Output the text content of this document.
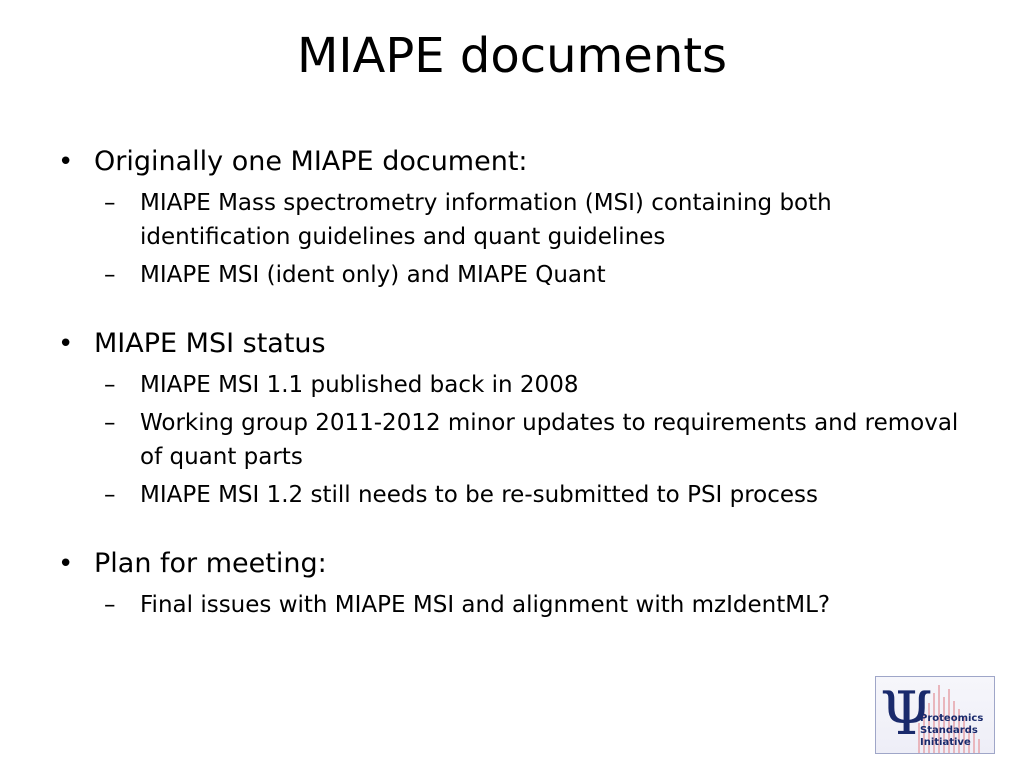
MIAPE documents
• Originally one MIAPE document:
– MIAPE Mass spectrometry information (MSI) containing both identification guidelines and quant guidelines
– MIAPE MSI (ident only) and MIAPE Quant
• MIAPE MSI status
– MIAPE MSI 1.1 published back in 2008
– Working group 2011-2012 minor updates to requirements and removal of quant parts
– MIAPE MSI 1.2 still needs to be re-submitted to PSI process
• Plan for meeting:
– Final issues with MIAPE MSI and alignment with mzIdentML?
Ψ
Proteomics
Standards
Initiative
